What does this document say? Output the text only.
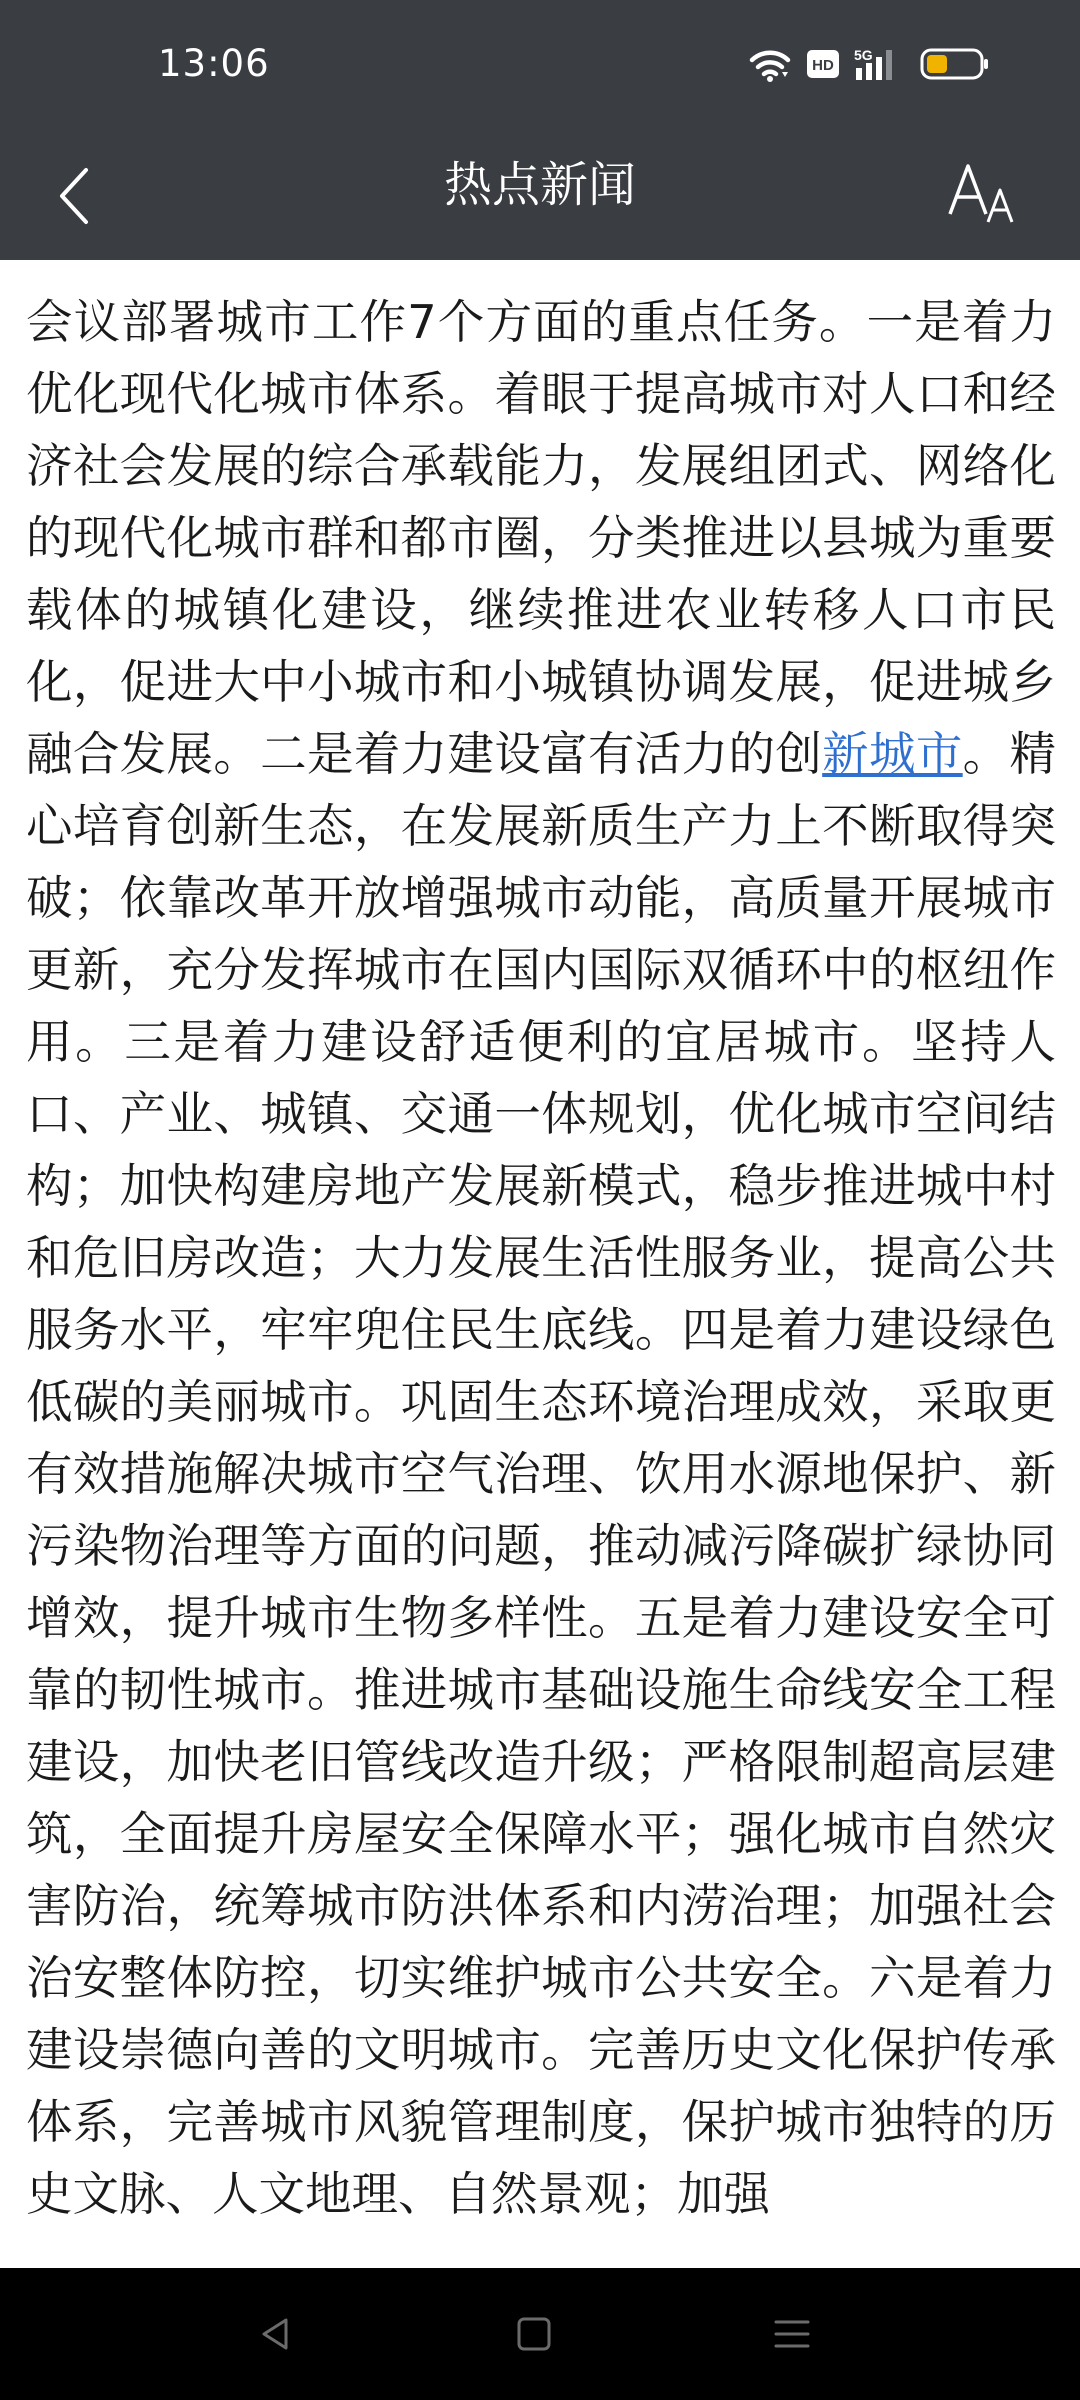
13:06	HD
5G
热点新闻

会议部署城市工作7个方面的重点任务。一是着力优化现代化城市体系。着眼于提高城市对人口和经济社会发展的综合承载能力，发展组团式、网络化的现代化城市群和都市圈，分类推进以县城为重要载体的城镇化建设，继续推进农业转移人口市民化，促进大中小城市和小城镇协调发展，促进城乡融合发展。二是着力建设富有活力的创新城市。精心培育创新生态，在发展新质生产力上不断取得突破；依靠改革开放增强城市动能，高质量开展城市更新，充分发挥城市在国内国际双循环中的枢纽作用。三是着力建设舒适便利的宜居城市。坚持人口、产业、城镇、交通一体规划，优化城市空间结构；加快构建房地产发展新模式，稳步推进城中村和危旧房改造；大力发展生活性服务业，提高公共服务水平，牢牢兜住民生底线。四是着力建设绿色低碳的美丽城市。巩固生态环境治理成效，采取更有效措施解决城市空气治理、饮用水源地保护、新污染物治理等方面的问题，推动减污降碳扩绿协同增效，提升城市生物多样性。五是着力建设安全可靠的韧性城市。推进城市基础设施生命线安全工程建设，加快老旧管线改造升级；严格限制超高层建筑，全面提升房屋安全保障水平；强化城市自然灾害防治，统筹城市防洪体系和内涝治理；加强社会治安整体防控，切实维护城市公共安全。六是着力建设崇德向善的文明城市。完善历史文化保护传承体系，完善城市风貌管理制度，保护城市独特的历史文脉、人文地理、自然景观；加强
